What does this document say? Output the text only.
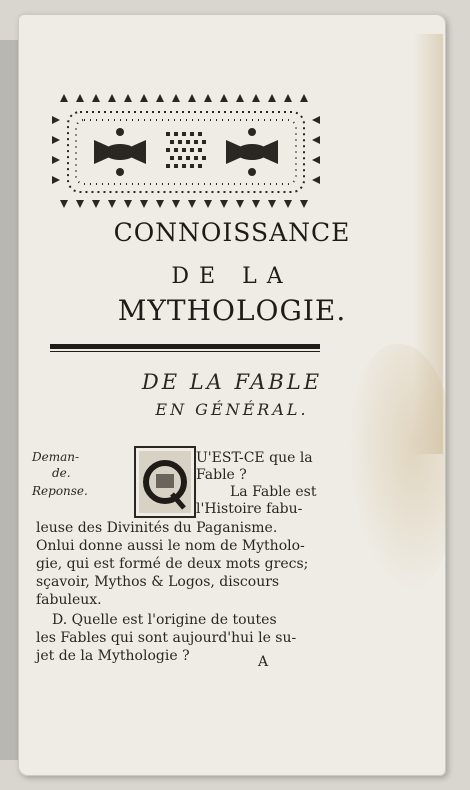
CONNOISSANCE
DE LA
MYTHOLOGIE.
DE LA FABLE
EN GÉNÉRAL.
Deman-
de.
Reponse.
U'EST-CE que la
Fable ?
La Fable est
l'Histoire fabu-
leuse des Divinités du Paganisme.
Onlui donne aussi le nom de Mytholo-
gie, qui est formé de deux mots grecs;
sçavoir, Mythos & Logos, discours
fabuleux.
D. Quelle est l'origine de toutes
les Fables qui sont aujourd'hui le su-
jet de la Mythologie ?	A
